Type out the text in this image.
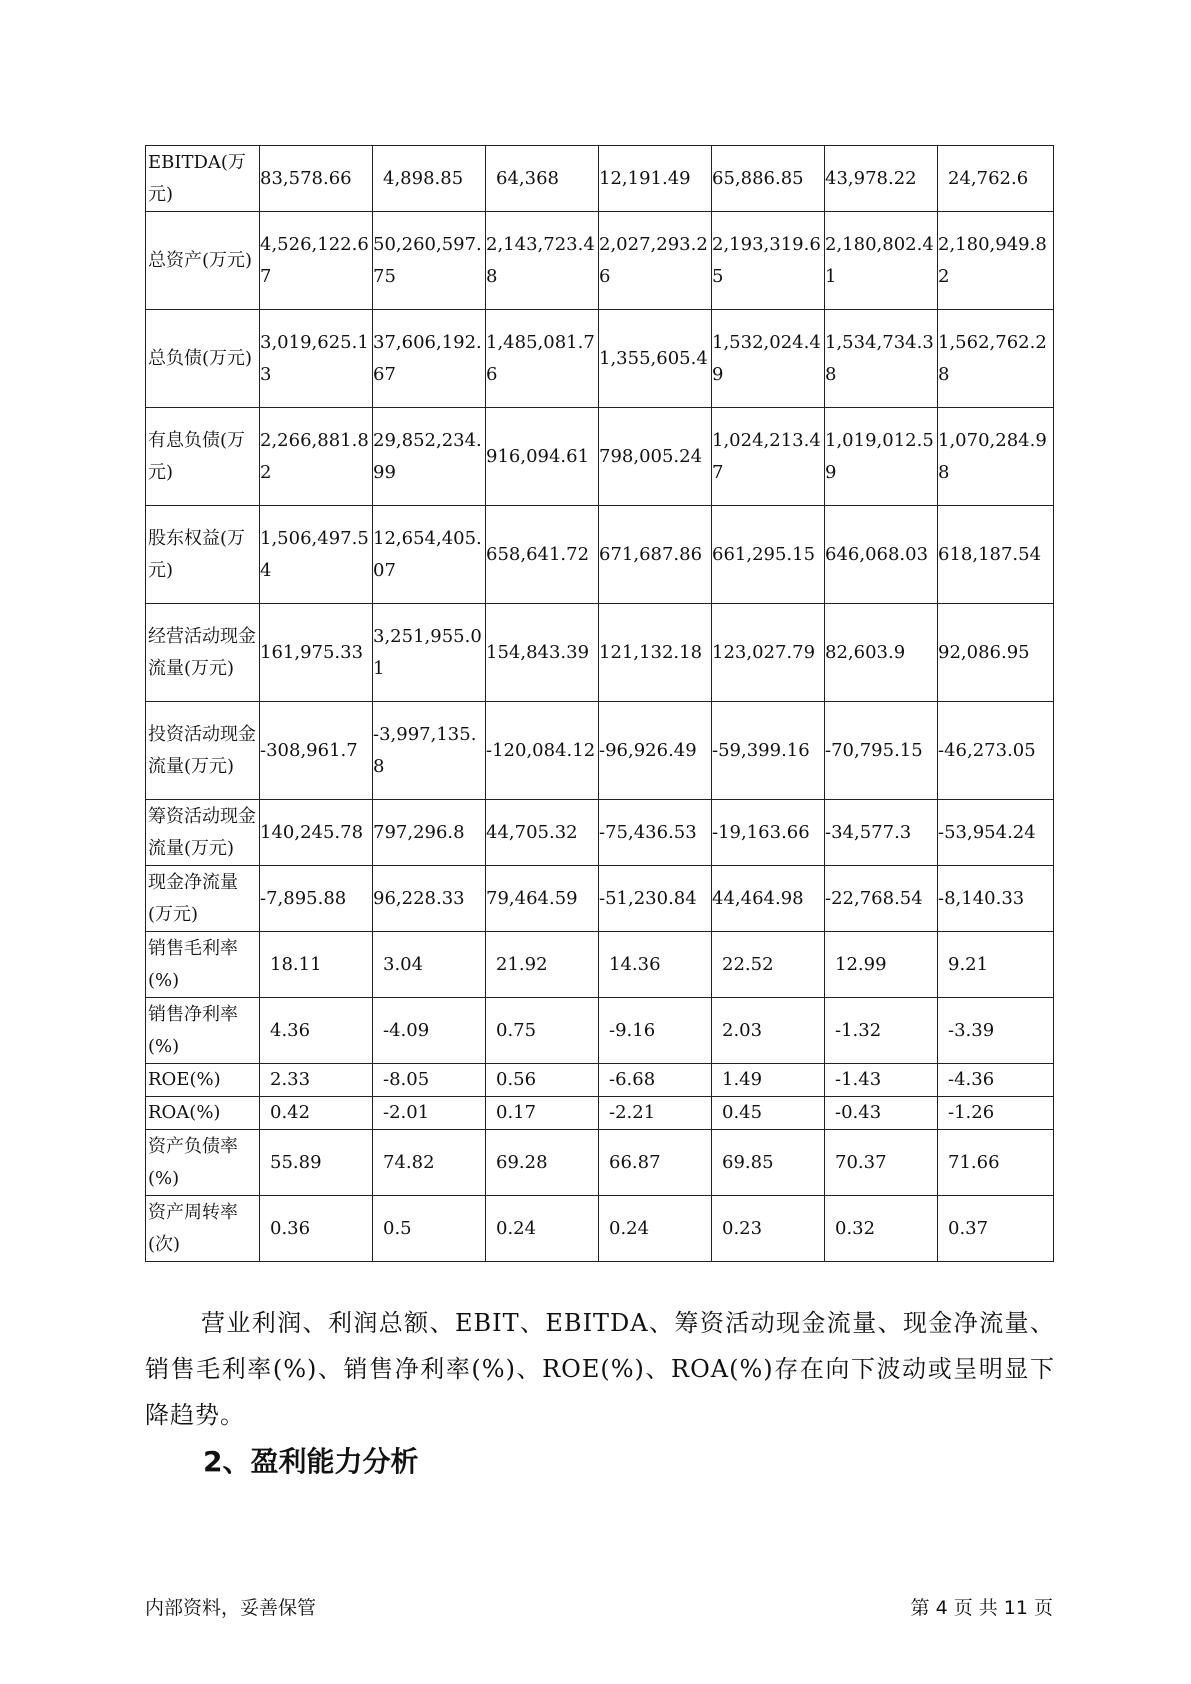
EBITDA(万元)	83,578.66	4,898.85	64,368	12,191.49	65,886.85	43,978.22	24,762.6
总资产(万元)	4,526,122.67	50,260,597.75	2,143,723.48	2,027,293.26	2,193,319.65	2,180,802.41	2,180,949.82
总负债(万元)	3,019,625.13	37,606,192.67	1,485,081.76	1,355,605.4	1,532,024.49	1,534,734.38	1,562,762.28
有息负债(万元)	2,266,881.82	29,852,234.99	916,094.61	798,005.24	1,024,213.47	1,019,012.59	1,070,284.98
股东权益(万元)	1,506,497.54	12,654,405.07	658,641.72	671,687.86	661,295.15	646,068.03	618,187.54
经营活动现金流量(万元)	161,975.33	3,251,955.01	154,843.39	121,132.18	123,027.79	82,603.9	92,086.95
投资活动现金流量(万元)	-308,961.7	-3,997,135.8	-120,084.12	-96,926.49	-59,399.16	-70,795.15	-46,273.05
筹资活动现金流量(万元)	140,245.78	797,296.8	44,705.32	-75,436.53	-19,163.66	-34,577.3	-53,954.24
现金净流量(万元)	-7,895.88	96,228.33	79,464.59	-51,230.84	44,464.98	-22,768.54	-8,140.33
销售毛利率(%)	18.11	3.04	21.92	14.36	22.52	12.99	9.21
销售净利率(%)	4.36	-4.09	0.75	-9.16	2.03	-1.32	-3.39
ROE(%)	2.33	-8.05	0.56	-6.68	1.49	-1.43	-4.36
ROA(%)	0.42	-2.01	0.17	-2.21	0.45	-0.43	-1.26
资产负债率(%)	55.89	74.82	69.28	66.87	69.85	70.37	71.66
资产周转率(次)	0.36	0.5	0.24	0.24	0.23	0.32	0.37

营业利润、利润总额、EBIT、EBITDA、筹资活动现金流量、现金净流量、销售毛利率(%)、销售净利率(%)、ROE(%)、ROA(%)存在向下波动或呈明显下降趋势。

2、盈利能力分析
内部资料，妥善保管	第 4 页 共 11 页
